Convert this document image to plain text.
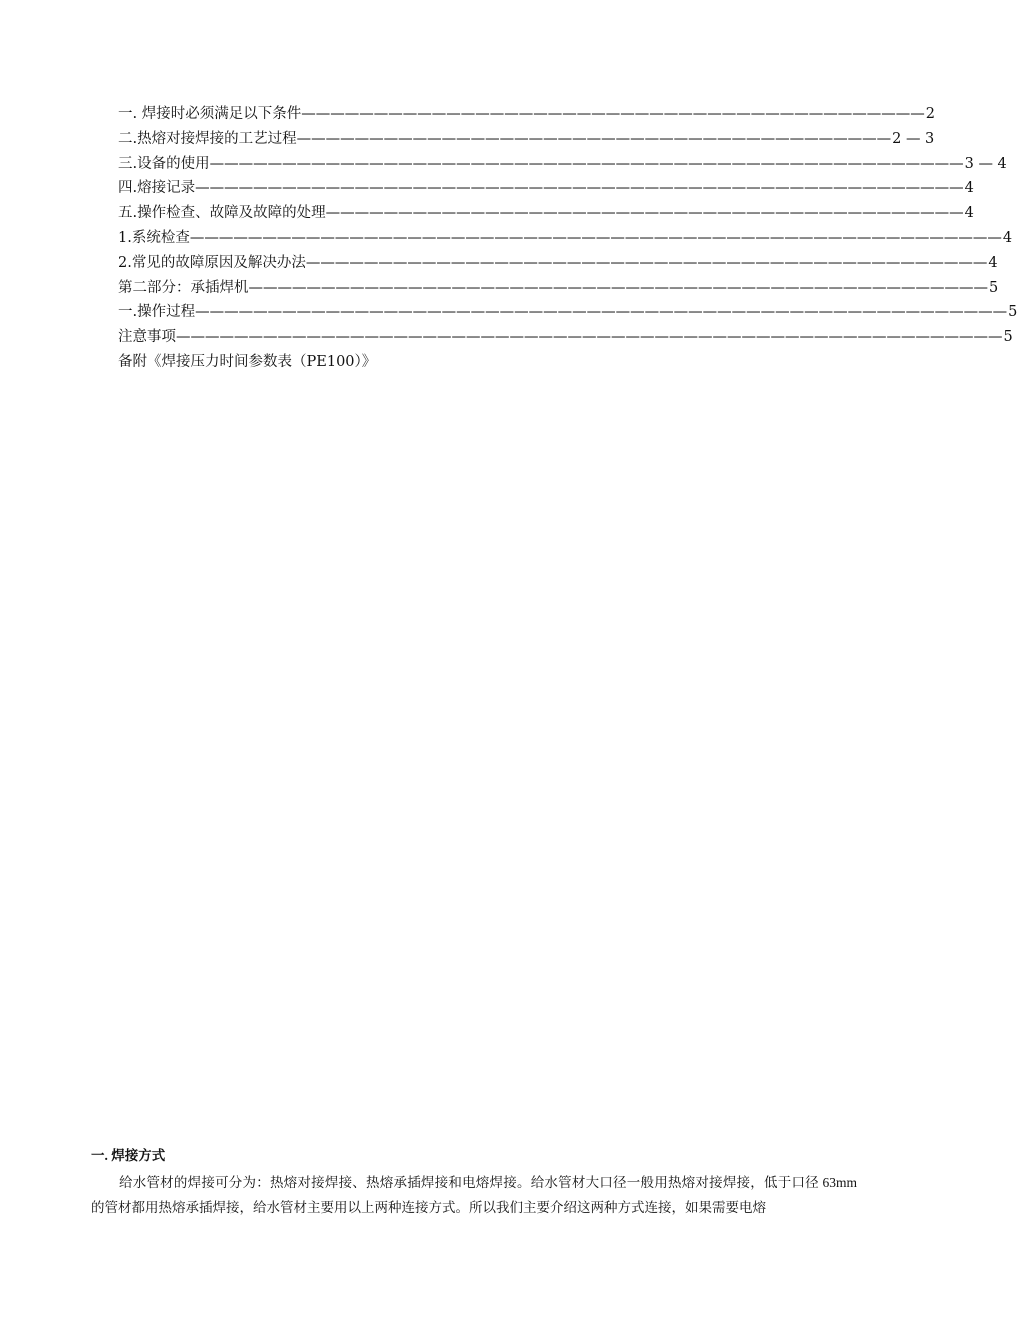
一. 焊接时必须满足以下条件———————————————————————————————————————————2
二.热熔对接焊接的工艺过程—————————————————————————————————————————2 — 3
三.设备的使用————————————————————————————————————————————————————3 — 4
四.熔接记录—————————————————————————————————————————————————————4
五.操作检查、故障及故障的处理————————————————————————————————————————————4
1.系统检查————————————————————————————————————————————————————————4
2.常见的故障原因及解决办法———————————————————————————————————————————————4
第二部分：承插焊机———————————————————————————————————————————————————5
一.操作过程————————————————————————————————————————————————————————5
注意事项—————————————————————————————————————————————————————————5
备附《焊接压力时间参数表（PE100）》

一. 焊接方式

给水管材的焊接可分为：热熔对接焊接、热熔承插焊接和电熔焊接。给水管材大口径一般用热熔对接焊接，低于口径 63mm 的管材都用热熔承插焊接，给水管材主要用以上两种连接方式。所以我们主要介绍这两种方式连接，如果需要电熔
